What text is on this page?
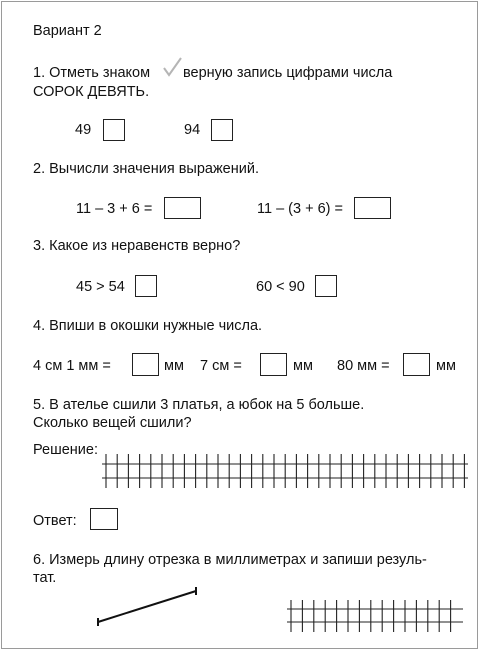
Вариант 2
1. Отметь знаком верную запись цифрами числа
СОРОК ДЕВЯТЬ.
49	94
2. Вычисли значения выражений.
11 – 3 + 6 =	11 – (3 + 6) =
3. Какое из неравенств верно?
45 > 54	60 < 90
4. Впиши в окошки нужные числа.
4 см 1 мм =	мм 7 см =	мм 80 мм =	мм
5. В ателье сшили 3 платья, а юбок на 5 больше.
Сколько вещей сшили?
Решение:
Ответ:
6. Измерь длину отрезка в миллиметрах и запиши резуль-
тат.
